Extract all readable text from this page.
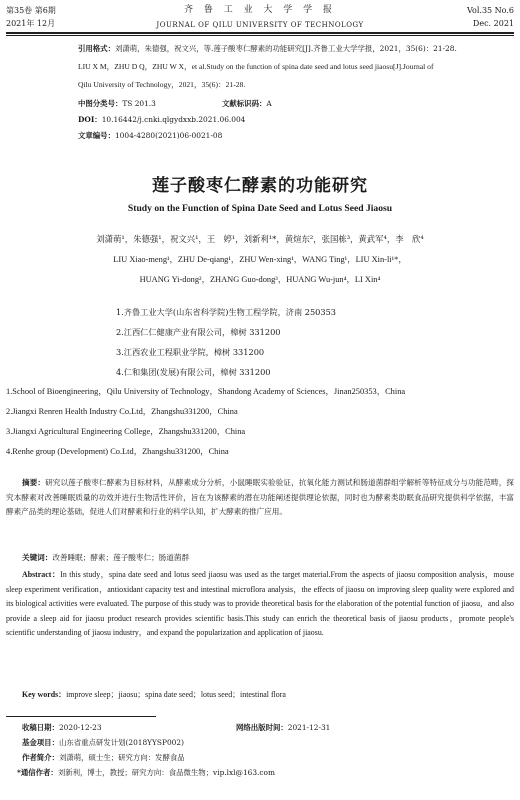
第35卷 第6期	齐 鲁 工 业 大 学 学 报	Vol.35 No.6
2021年 12月	JOURNAL OF QILU UNIVERSITY OF TECHNOLOGY	Dec. 2021
引用格式：刘潇萌，朱德强，祝文兴，等.莲子酸枣仁酵素的功能研究[J].齐鲁工业大学学报，2021，35(6)：21-28.
LIU X M，ZHU D Q，ZHU W X，et al.Study on the function of spina date seed and lotus seed jiaosu[J].Journal of
Qilu University of Technology，2021，35(6)：21-28.
中图分类号：TS 201.3	文献标识码：A
DOI：10.16442/j.cnki.qlgydxxb.2021.06.004
文章编号：1004-4280(2021)06-0021-08
莲子酸枣仁酵素的功能研究
Study on the Function of Spina Date Seed and Lotus Seed Jiaosu
刘潇萌¹，朱德强¹，祝文兴¹，王　婷¹，刘新利¹*，黄煊东²，张国栋³，黄武军⁴，李　欣⁴
LIU Xiao-meng¹，ZHU De-qiang¹，ZHU Wen-xing¹，WANG Ting¹，LIU Xin-li¹*，
HUANG Yi-dong²，ZHANG Guo-dong³，HUANG Wu-jun⁴，LI Xin⁴
1.齐鲁工业大学(山东省科学院)生物工程学院，济南 250353
2.江西仁仁健康产业有限公司，樟树 331200
3.江西农业工程职业学院，樟树 331200
4.仁和集团(发展)有限公司，樟树 331200
1.School of Bioengineering，Qilu University of Technology，Shandong Academy of Sciences，Jinan250353，China
2.Jiangxi Renren Health Industry Co.Ltd，Zhangshu331200，China
3.Jiangxi Agricultural Engineering College，Zhangshu331200，China
4.Renhe group (Development) Co.Ltd，Zhangshu331200，China
摘要：研究以莲子酸枣仁酵素为目标材料，从酵素成分分析，小鼠睡眠实验验证，抗氧化能力测试和肠道菌群组学解析等特征成分与功能范畴，探究本酵素对改善睡眠质量的功效并进行生物活性评价，旨在为该酵素的潜在功能阐述提供理论依据，同时也为酵素类助眠食品研究提供科学依据，丰富酵素产品类的理论基础，促进人们对酵素和行业的科学认知，扩大酵素的推广应用。
关键词：改善睡眠；酵素；莲子酸枣仁；肠道菌群
Abstract：In this study，spina date seed and lotus seed jiaosu was used as the target material.From the aspects of jiaosu composition analysis，mouse sleep experiment verification，antioxidant capacity test and intestinal microflora analysis，the effects of jiaosu on improving sleep quality were explored and its biological activities were evaluated. The purpose of this study was to provide theoretical basis for the elaboration of the potential function of jiaosu，and also provide a sleep aid for jiaosu product research provides scientific basis.This study can enrich the theoretical basis of jiaosu products，promote people's scientific understanding of jiaosu industry，and expand the popularization and application of jiaosu.
Key words：improve sleep；jiaosu；spina date seed；lotus seed；intestinal flora
收稿日期：2020-12-23	网络出版时间：2021-12-31
基金项目：山东省重点研发计划(2018YYSP002)
作者简介：刘潇萌，硕士生；研究方向：发酵食品
*通信作者：刘新利，博士，教授；研究方向：食品微生物；vip.lxl@163.com
